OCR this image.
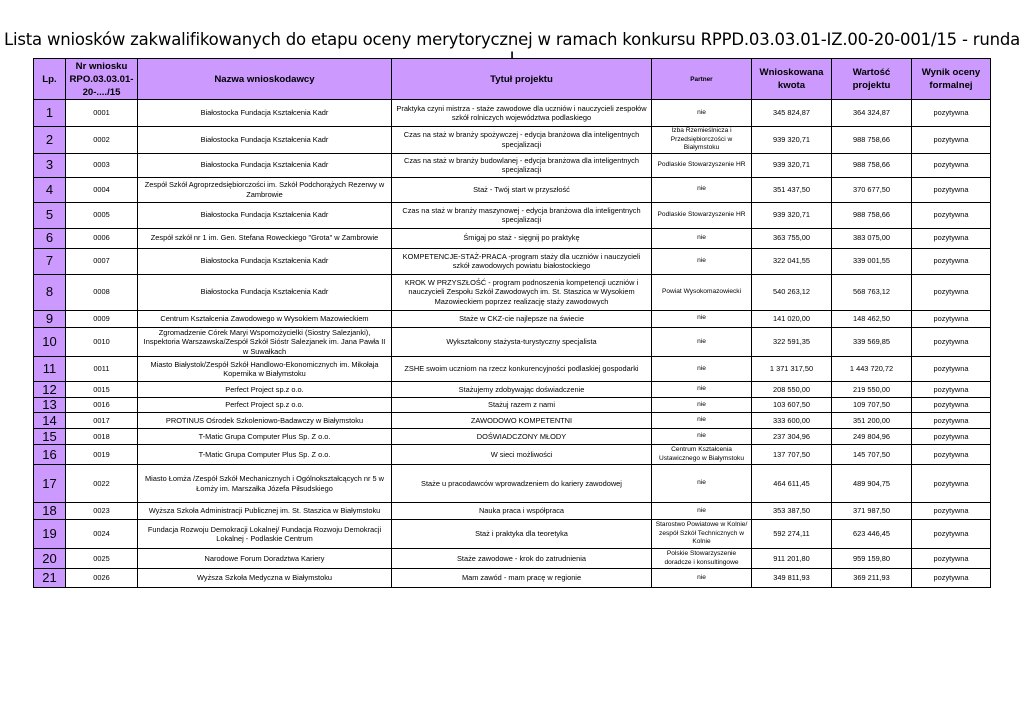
Lista wniosków zakwalifikowanych do etapu oceny merytorycznej w ramach konkursu RPPD.03.03.01-IZ.00-20-001/15 - runda
Lp.	Nr wniosku RPO.03.03.01-20-..../15	Nazwa wnioskodawcy	Tytuł projektu	Partner	Wnioskowana kwota	Wartość projektu	Wynik oceny formalnej
1	0001	Białostocka Fundacja Kształcenia Kadr	Praktyka czyni mistrza - staże zawodowe dla uczniów i nauczycieli zespołów szkół rolniczych województwa podlaskiego	nie	345 824,87	364 324,87	pozytywna
2	0002	Białostocka Fundacja Kształcenia Kadr	Czas na staż w branży spożywczej - edycja branżowa dla inteligentnych specjalizacji	Izba Rzemieślnicza i Przedsiębiorczości w Białymstoku	939 320,71	988 758,66	pozytywna
3	0003	Białostocka Fundacja Kształcenia Kadr	Czas na staż w branży budowlanej - edycja branżowa dla inteligentnych specjalizacji	Podlaskie Stowarzyszenie HR	939 320,71	988 758,66	pozytywna
4	0004	Zespół Szkół Agroprzedsiębiorczości im. Szkół Podchorążych Rezerwy w Zambrowie	Staż - Twój start w przyszłość	nie	351 437,50	370 677,50	pozytywna
5	0005	Białostocka Fundacja Kształcenia Kadr	Czas na staż w branży maszynowej - edycja branżowa dla inteligentnych specjalizacji	Podlaskie Stowarzyszenie HR	939 320,71	988 758,66	pozytywna
6	0006	Zespół szkół nr 1 im. Gen. Stefana Roweckiego "Grota" w Zambrowie	Śmigaj po staż - sięgnij po praktykę	nie	363 755,00	383 075,00	pozytywna
7	0007	Białostocka Fundacja Kształcenia Kadr	KOMPETENCJE-STAŻ-PRACA -program staży dla uczniów i nauczycieli szkół zawodowych powiatu białostockiego	nie	322 041,55	339 001,55	pozytywna
8	0008	Białostocka Fundacja Kształcenia Kadr	KROK W PRZYSZŁOŚĆ - program podnoszenia kompetencji uczniów i nauczycieli Zespołu Szkół Zawodowych im. St. Staszica w Wysokiem Mazowieckiem poprzez realizację staży zawodowych	Powiat Wysokomazowiecki	540 263,12	568 763,12	pozytywna
9	0009	Centrum Kształcenia Zawodowego w Wysokiem Mazowieckiem	Staże w CKZ-cie najlepsze na świecie	nie	141 020,00	148 462,50	pozytywna
10	0010	Zgromadzenie Córek Maryi Wspomożycielki (Siostry Salezjanki), Inspektoria Warszawska/Zespół Szkół Sióstr Salezjanek im. Jana Pawła II w Suwałkach	Wykształcony stażysta-turystyczny specjalista	nie	322 591,35	339 569,85	pozytywna
11	0011	Miasto Białystok/Zespół Szkół Handlowo-Ekonomicznych im. Mikołaja Kopernika w Białymstoku	ZSHE swoim uczniom na rzecz konkurencyjności podlaskiej gospodarki	nie	1 371 317,50	1 443 720,72	pozytywna
12	0015	Perfect Project sp.z o.o.	Stażujemy zdobywając doświadczenie	nie	208 550,00	219 550,00	pozytywna
13	0016	Perfect Project sp.z o.o.	Stażuj razem z nami	nie	103 607,50	109 707,50	pozytywna
14	0017	PROTINUS Ośrodek Szkoleniowo-Badawczy w Białymstoku	ZAWODOWO KOMPETENTNI	nie	333 600,00	351 200,00	pozytywna
15	0018	T-Matic Grupa Computer Plus Sp. Z o.o.	DOŚWIADCZONY MŁODY	nie	237 304,96	249 804,96	pozytywna
16	0019	T-Matic Grupa Computer Plus Sp. Z o.o.	W sieci możliwości	Centrum Kształcenia Ustawicznego w Białymstoku	137 707,50	145 707,50	pozytywna
17	0022	Miasto Łomża /Zespół Szkół Mechanicznych i Ogólnokształcących nr 5 w Łomży im. Marszałka Józefa Piłsudskiego	Staże u pracodawców wprowadzeniem do kariery zawodowej	nie	464 611,45	489 904,75	pozytywna
18	0023	Wyższa Szkoła Administracji Publicznej im. St. Staszica w Białymstoku	Nauka praca i współpraca	nie	353 387,50	371 987,50	pozytywna
19	0024	Fundacja Rozwoju Demokracji Lokalnej/ Fundacja Rozwoju Demokracji Lokalnej - Podlaskie Centrum	Staż i praktyka dla teoretyka	Starostwo Powiatowe w Kolnie/ zespół Szkół Technicznych w Kolnie	592 274,11	623 446,45	pozytywna
20	0025	Narodowe Forum Doradztwa Kariery	Staże zawodowe - krok do zatrudnienia	Polskie Stowarzyszenie doradcze i konsultingowe	911 201,80	959 159,80	pozytywna
21	0026	Wyższa Szkoła Medyczna w Białymstoku	Mam zawód - mam pracę w regionie	nie	349 811,93	369 211,93	pozytywna
